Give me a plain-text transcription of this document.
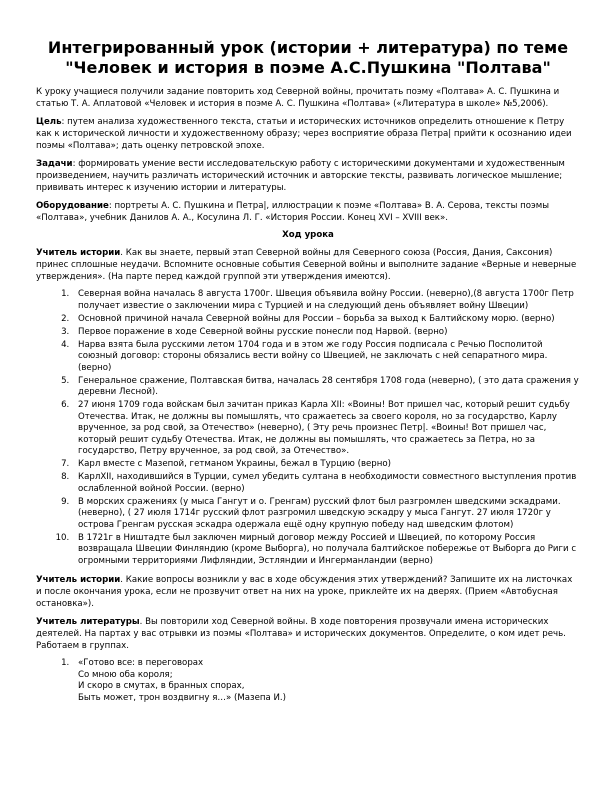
Интегрированный урок (истории + литература) по теме
"Человек и история в поэме А.С.Пушкина "Полтава"

К уроку учащиеся получили задание повторить ход Северной войны, прочитать поэму «Полтава» А. С. Пушкина и статью Т. А. Аплатовой «Человек и история в поэме А. С. Пушкина «Полтава» («Литература в школе» №5,2006).

Цель: путем анализа художественного текста, статьи и исторических источников определить отношение к Петру как к исторической личности и художественному образу; через восприятие образа Петра| прийти к осознанию идеи поэмы «Полтава»; дать оценку петровской эпохе.

Задачи: формировать умение вести исследовательскую работу с историческими документами и художественным произведением, научить различать исторический источник и авторские тексты, развивать логическое мышление; прививать интерес к изучению истории и литературы.

Оборудование: портреты А. С. Пушкина и Петра|, иллюстрации к поэме «Полтава» В. А. Серова, тексты поэмы «Полтава», учебник Данилов А. А., Косулина Л. Г. «История России. Конец XVI – XVIII век».

Ход урока

Учитель истории. Как вы знаете, первый этап Северной войны для Северного союза (Россия, Дания, Саксония) принес сплошные неудачи. Вспомните основные события Северной войны и выполните задание «Верные и неверные утверждения». (На парте перед каждой группой эти утверждения имеются).

1. Северная война началась 8 августа 1700г. Швеция объявила войну России. (неверно),(8 августа 1700г Петр получает известие о заключении мира с Турцией и на следующий день объявляет войну Швеции)
2. Основной причиной начала Северной войны для России – борьба за выход к Балтийскому морю. (верно)
3. Первое поражение в ходе Северной войны русские понесли под Нарвой. (верно)
4. Нарва взята была русскими летом 1704 года и в этом же году Россия подписала с Речью Посполитой союзный договор: стороны обязались вести войну со Швецией, не заключать с ней сепаратного мира. (верно)
5. Генеральное сражение, Полтавская битва, началась 28 сентября 1708 года (неверно), ( это дата сражения у деревни Лесной).
6. 27 июня 1709 года войскам был зачитан приказ Карла XII: «Воины! Вот пришел час, который решит судьбу Отечества. Итак, не должны вы помышлять, что сражаетесь за своего короля, но за государство, Карлу врученное, за род свой, за Отечество» (неверно), ( Эту речь произнес Петр|. «Воины! Вот пришел час, который решит судьбу Отечества. Итак, не должны вы помышлять, что сражаетесь за Петра, но за государство, Петру врученное, за род свой, за Отечество».
7. Карл вместе с Мазепой, гетманом Украины, бежал в Турцию (верно)
8. КарлXII, находившийся в Турции, сумел убедить султана в необходимости совместного выступления против ослабленной войной России. (верно)
9. В морских сражениях (у мыса Гангут и о. Гренгам) русский флот был разгромлен шведскими эскадрами. (неверно), ( 27 июля 1714г русский флот разгромил шведскую эскадру у мыса Гангут. 27 июля 1720г у острова Гренгам русская эскадра одержала ещё одну крупную победу над шведским флотом)
10. В 1721г в Ништадте был заключен мирный договор между Россией и Швецией, по которому Россия возвращала Швеции Финляндию (кроме Выборга), но получала балтийское побережье от Выборга до Риги с огромными территориями Лифляндии, Эстляндии и Ингерманландии (верно)

Учитель истории. Какие вопросы возникли у вас в ходе обсуждения этих утверждений? Запишите их на листочках и после окончания урока, если не прозвучит ответ на них на уроке, приклейте их на дверях. (Прием «Автобусная остановка»).

Учитель литературы. Вы повторили ход Северной войны. В ходе повторения прозвучали имена исторических деятелей. На партах у вас отрывки из поэмы «Полтава» и исторических документов. Определите, о ком идет речь. Работаем в группах.

1. «Готово все: в переговорах
Со мною оба короля;
И скоро в смутах, в бранных спорах,
Быть может, трон воздвигну я…» (Мазепа И.)
